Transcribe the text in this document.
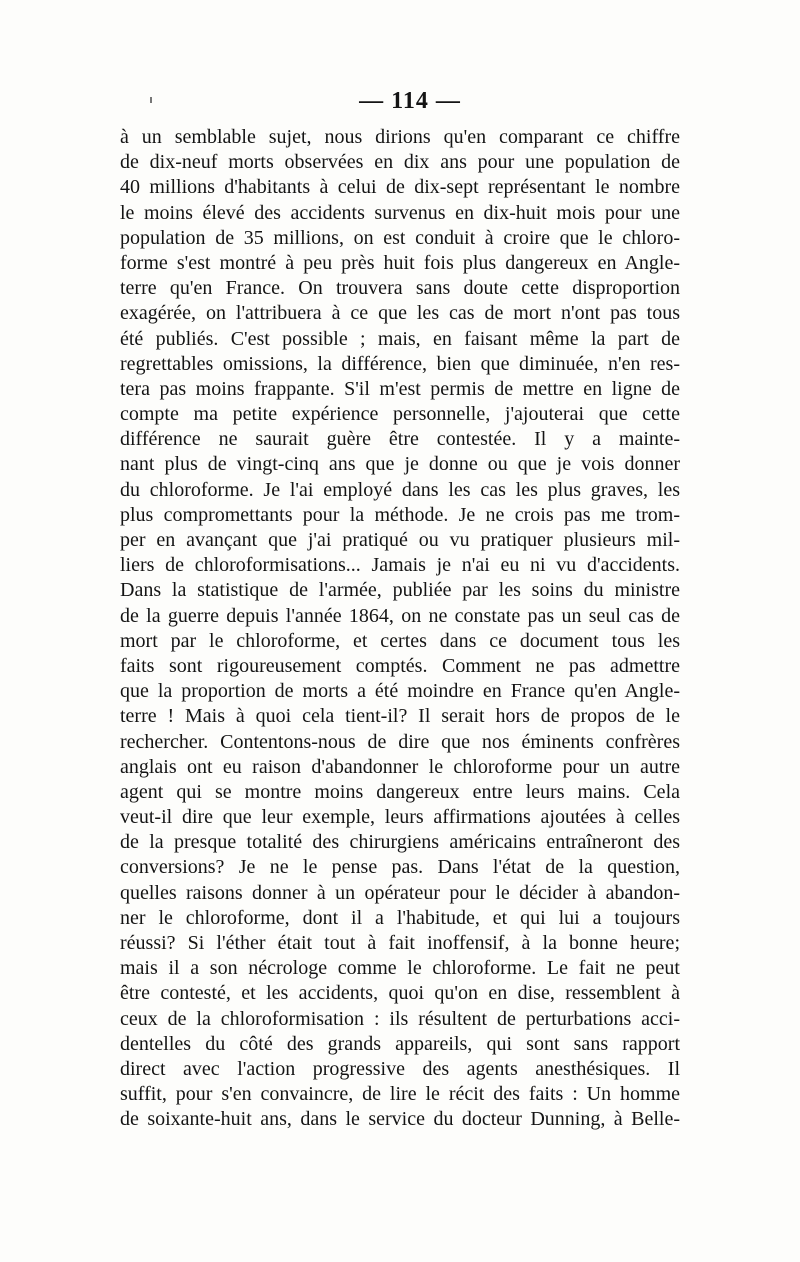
— 114 —
à un semblable sujet, nous dirions qu'en comparant ce chiffre
de dix-neuf morts observées en dix ans pour une population de
40 millions d'habitants à celui de dix-sept représentant le nombre
le moins élevé des accidents survenus en dix-huit mois pour une
population de 35 millions, on est conduit à croire que le chloro-
forme s'est montré à peu près huit fois plus dangereux en Angle-
terre qu'en France. On trouvera sans doute cette disproportion
exagérée, on l'attribuera à ce que les cas de mort n'ont pas tous
été publiés. C'est possible ; mais, en faisant même la part de
regrettables omissions, la différence, bien que diminuée, n'en res-
tera pas moins frappante. S'il m'est permis de mettre en ligne de
compte ma petite expérience personnelle, j'ajouterai que cette
différence ne saurait guère être contestée. Il y a mainte-
nant plus de vingt-cinq ans que je donne ou que je vois donner
du chloroforme. Je l'ai employé dans les cas les plus graves, les
plus compromettants pour la méthode. Je ne crois pas me trom-
per en avançant que j'ai pratiqué ou vu pratiquer plusieurs mil-
liers de chloroformisations... Jamais je n'ai eu ni vu d'accidents.
Dans la statistique de l'armée, publiée par les soins du ministre
de la guerre depuis l'année 1864, on ne constate pas un seul cas de
mort par le chloroforme, et certes dans ce document tous les
faits sont rigoureusement comptés. Comment ne pas admettre
que la proportion de morts a été moindre en France qu'en Angle-
terre ! Mais à quoi cela tient-il? Il serait hors de propos de le
rechercher. Contentons-nous de dire que nos éminents confrères
anglais ont eu raison d'abandonner le chloroforme pour un autre
agent qui se montre moins dangereux entre leurs mains. Cela
veut-il dire que leur exemple, leurs affirmations ajoutées à celles
de la presque totalité des chirurgiens américains entraîneront des
conversions? Je ne le pense pas. Dans l'état de la question,
quelles raisons donner à un opérateur pour le décider à abandon-
ner le chloroforme, dont il a l'habitude, et qui lui a toujours
réussi? Si l'éther était tout à fait inoffensif, à la bonne heure;
mais il a son nécrologe comme le chloroforme. Le fait ne peut
être contesté, et les accidents, quoi qu'on en dise, ressemblent à
ceux de la chloroformisation : ils résultent de perturbations acci-
dentelles du côté des grands appareils, qui sont sans rapport
direct avec l'action progressive des agents anesthésiques. Il
suffit, pour s'en convaincre, de lire le récit des faits : Un homme
de soixante-huit ans, dans le service du docteur Dunning, à Belle-
